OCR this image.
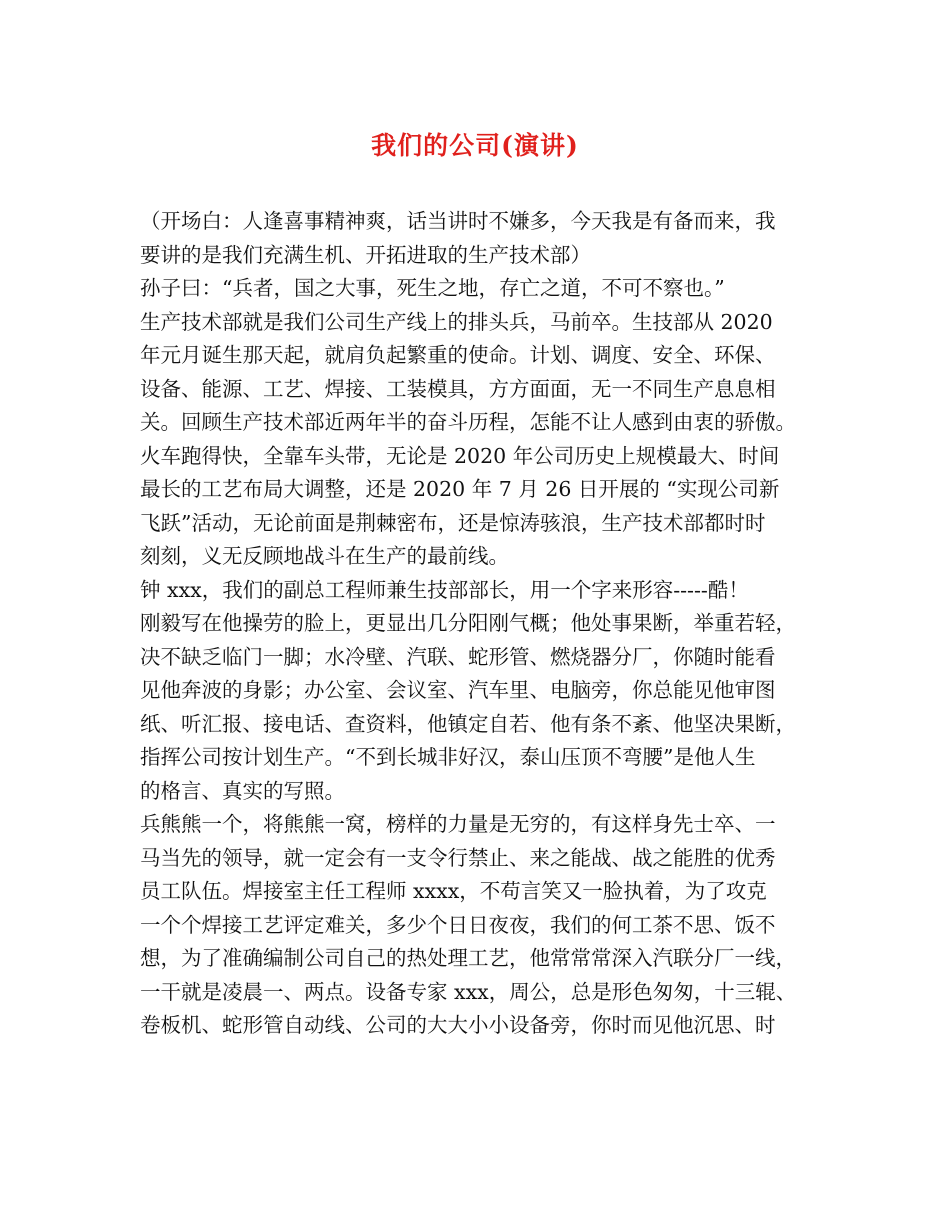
我们的公司(演讲)
（开场白：人逢喜事精神爽，话当讲时不嫌多，今天我是有备而来，我
要讲的是我们充满生机、开拓进取的生产技术部）
孙子曰：“兵者，国之大事，死生之地，存亡之道，不可不察也。”
生产技术部就是我们公司生产线上的排头兵，马前卒。生技部从 2020
年元月诞生那天起，就肩负起繁重的使命。计划、调度、安全、环保、
设备、能源、工艺、焊接、工装模具，方方面面，无一不同生产息息相
关。回顾生产技术部近两年半的奋斗历程，怎能不让人感到由衷的骄傲。
火车跑得快，全靠车头带，无论是 2020 年公司历史上规模最大、时间
最长的工艺布局大调整，还是 2020 年 7 月 26 日开展的 “实现公司新
飞跃”活动，无论前面是荆棘密布，还是惊涛骇浪，生产技术部都时时
刻刻，义无反顾地战斗在生产的最前线。
钟 xxx，我们的副总工程师兼生技部部长，用一个字来形容-----酷！
刚毅写在他操劳的脸上，更显出几分阳刚气概；他处事果断，举重若轻，
决不缺乏临门一脚；水冷壁、汽联、蛇形管、燃烧器分厂，你随时能看
见他奔波的身影；办公室、会议室、汽车里、电脑旁，你总能见他审图
纸、听汇报、接电话、查资料，他镇定自若、他有条不紊、他坚决果断，
指挥公司按计划生产。“不到长城非好汉，泰山压顶不弯腰”是他人生
的格言、真实的写照。
兵熊熊一个，将熊熊一窝，榜样的力量是无穷的，有这样身先士卒、一
马当先的领导，就一定会有一支令行禁止、来之能战、战之能胜的优秀
员工队伍。焊接室主任工程师 xxxx，不苟言笑又一脸执着，为了攻克
一个个焊接工艺评定难关，多少个日日夜夜，我们的何工茶不思、饭不
想，为了准确编制公司自己的热处理工艺，他常常常深入汽联分厂一线，
一干就是凌晨一、两点。设备专家 xxx，周公，总是形色匆匆，十三辊、
卷板机、蛇形管自动线、公司的大大小小设备旁，你时而见他沉思、时
